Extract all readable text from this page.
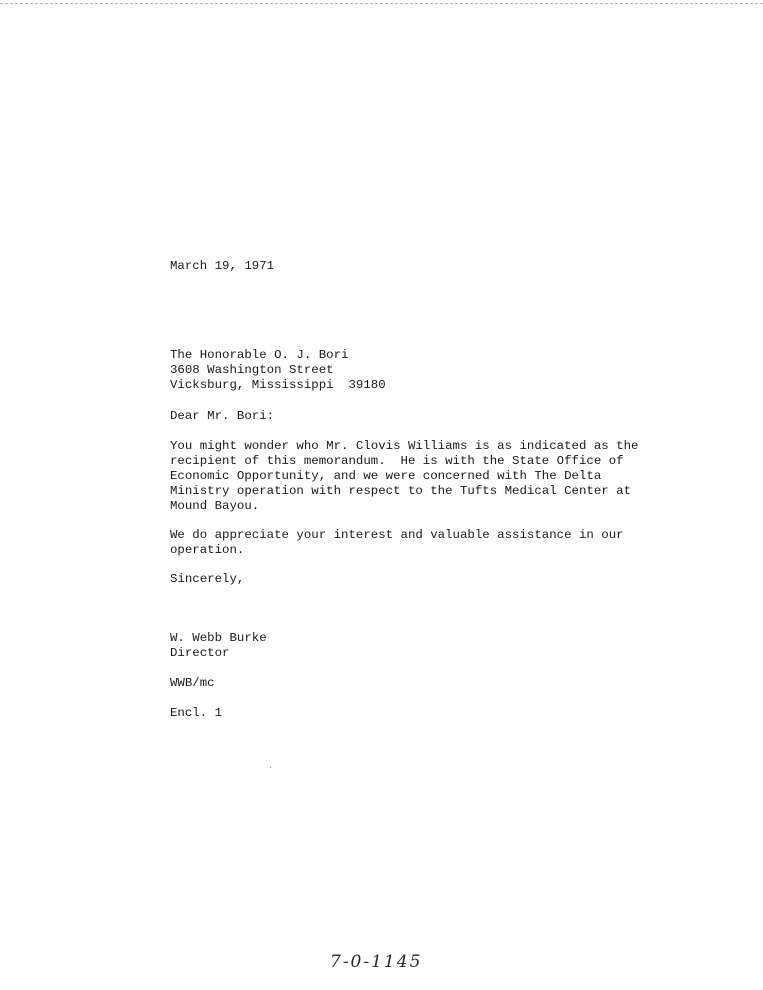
March 19, 1971
The Honorable O. J. Bori
3608 Washington Street
Vicksburg, Mississippi  39180
Dear Mr. Bori:
You might wonder who Mr. Clovis Williams is as indicated as the
recipient of this memorandum.  He is with the State Office of
Economic Opportunity, and we were concerned with The Delta
Ministry operation with respect to the Tufts Medical Center at
Mound Bayou.
We do appreciate your interest and valuable assistance in our
operation.
Sincerely,
W. Webb Burke
Director
WWB/mc
Encl. 1
7-0-1145
